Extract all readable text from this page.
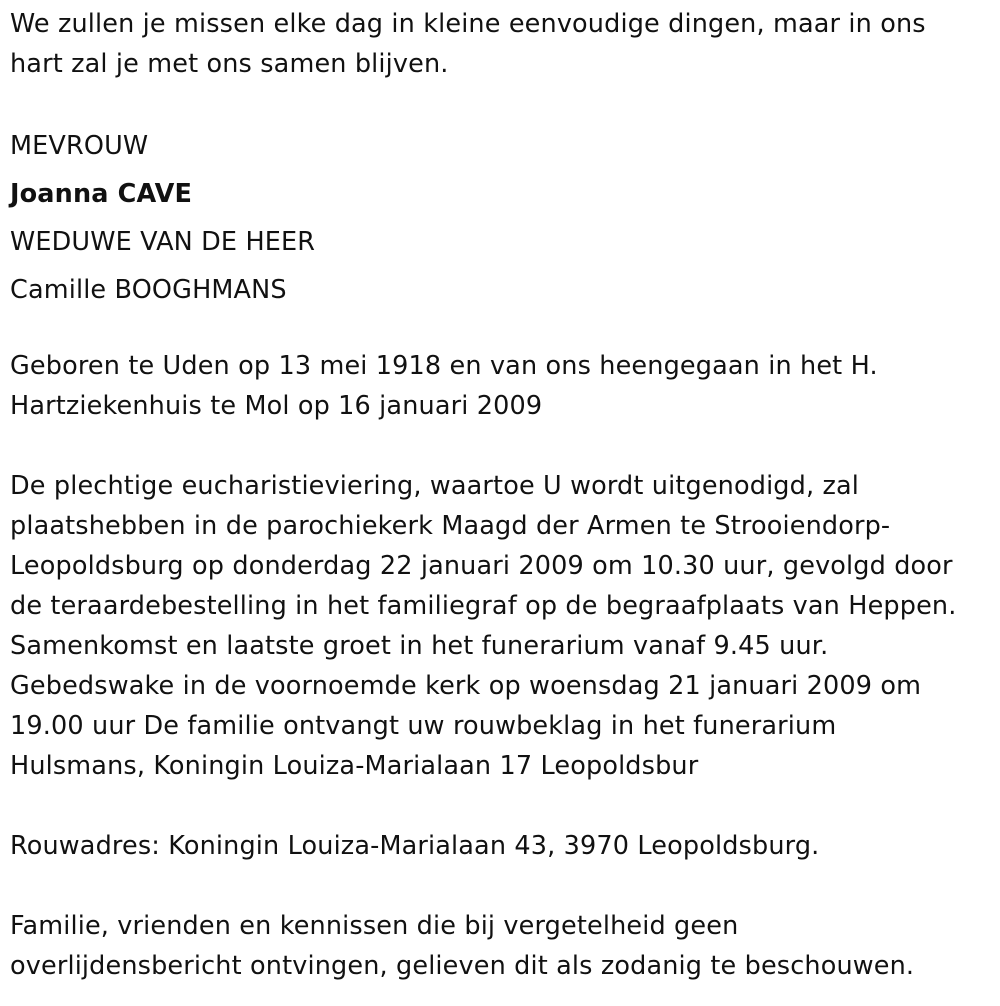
We zullen je missen elke dag in kleine eenvoudige dingen, maar in ons
hart zal je met ons samen blijven.
MEVROUW
Joanna CAVE
WEDUWE VAN DE HEER
Camille BOOGHMANS
Geboren te Uden op 13 mei 1918 en van ons heengegaan in het H.
Hartziekenhuis te Mol op 16 januari 2009
De plechtige eucharistieviering, waartoe U wordt uitgenodigd, zal
plaatshebben in de parochiekerk Maagd der Armen te Strooiendorp-
Leopoldsburg op donderdag 22 januari 2009 om 10.30 uur, gevolgd door
de teraardebestelling in het familiegraf op de begraafplaats van Heppen.
Samenkomst en laatste groet in het funerarium vanaf 9.45 uur.
Gebedswake in de voornoemde kerk op woensdag 21 januari 2009 om
19.00 uur De familie ontvangt uw rouwbeklag in het funerarium
Hulsmans, Koningin Louiza-Marialaan 17 Leopoldsbur
Rouwadres: Koningin Louiza-Marialaan 43, 3970 Leopoldsburg.
Familie, vrienden en kennissen die bij vergetelheid geen
overlijdensbericht ontvingen, gelieven dit als zodanig te beschouwen.
